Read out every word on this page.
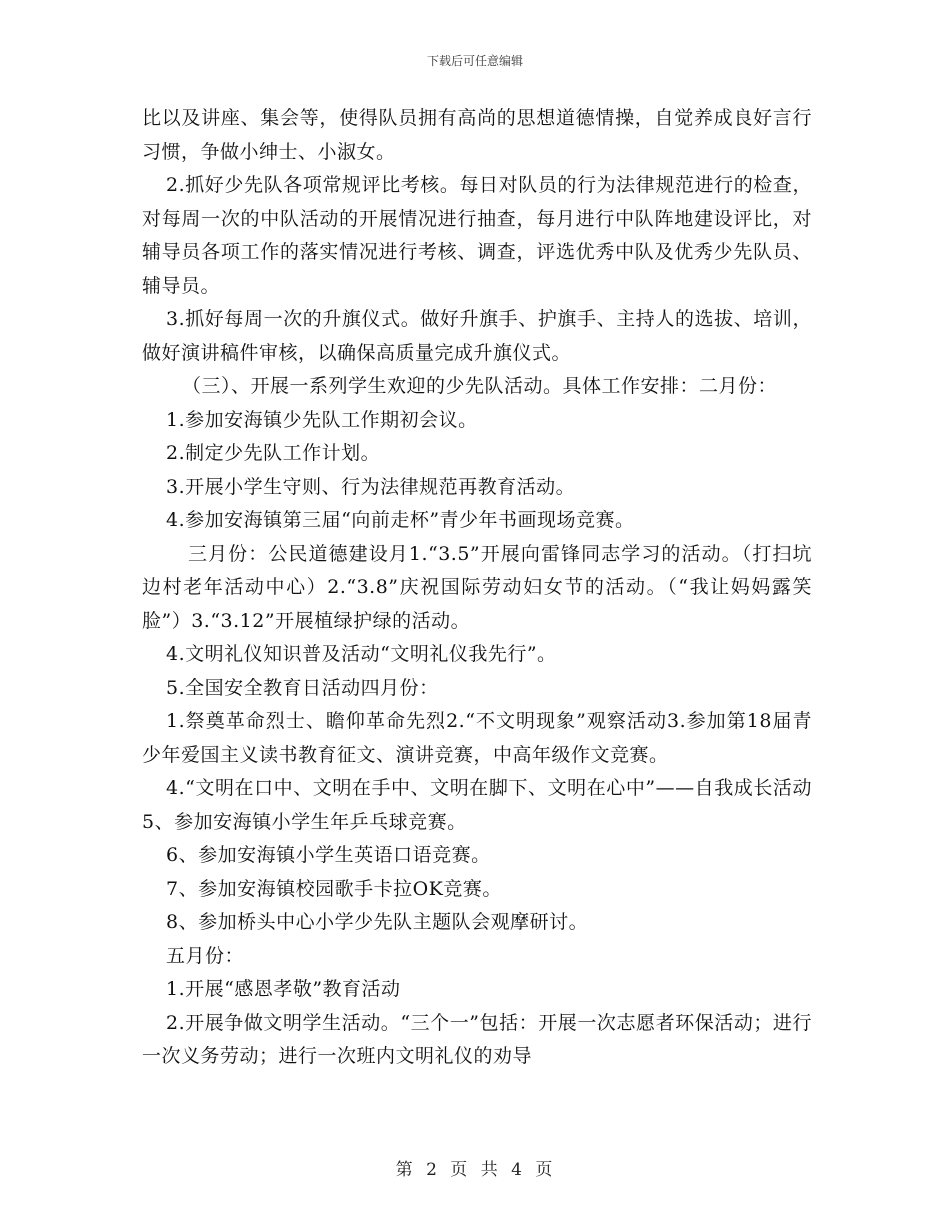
下载后可任意编辑

比以及讲座、集会等，使得队员拥有高尚的思想道德情操，自觉养成良好言行习惯，争做小绅士、小淑女。

2.抓好少先队各项常规评比考核。每日对队员的行为法律规范进行的检查，对每周一次的中队活动的开展情况进行抽查，每月进行中队阵地建设评比，对辅导员各项工作的落实情况进行考核、调查，评选优秀中队及优秀少先队员、辅导员。

3.抓好每周一次的升旗仪式。做好升旗手、护旗手、主持人的选拔、培训，做好演讲稿件审核，以确保高质量完成升旗仪式。

（三）、开展一系列学生欢迎的少先队活动。具体工作安排：二月份：

1.参加安海镇少先队工作期初会议。

2.制定少先队工作计划。

3.开展小学生守则、行为法律规范再教育活动。

4.参加安海镇第三届“向前走杯”青少年书画现场竞赛。

三月份：公民道德建设月1.“3.5”开展向雷锋同志学习的活动。（打扫坑边村老年活动中心）2.“3.8”庆祝国际劳动妇女节的活动。（“我让妈妈露笑脸”）3.“3.12”开展植绿护绿的活动。

4.文明礼仪知识普及活动“文明礼仪我先行”。

5.全国安全教育日活动四月份：

1.祭奠革命烈士、瞻仰革命先烈2.“不文明现象”观察活动3.参加第18届青少年爱国主义读书教育征文、演讲竞赛，中高年级作文竞赛。

4.“文明在口中、文明在手中、文明在脚下、文明在心中”——自我成长活动5、参加安海镇小学生年乒乓球竞赛。

6、参加安海镇小学生英语口语竞赛。

7、参加安海镇校园歌手卡拉OK竞赛。

8、参加桥头中心小学少先队主题队会观摩研讨。

五月份：

1.开展“感恩孝敬”教育活动

2.开展争做文明学生活动。“三个一”包括：开展一次志愿者环保活动；进行一次义务劳动；进行一次班内文明礼仪的劝导

第 2 页 共 4 页
